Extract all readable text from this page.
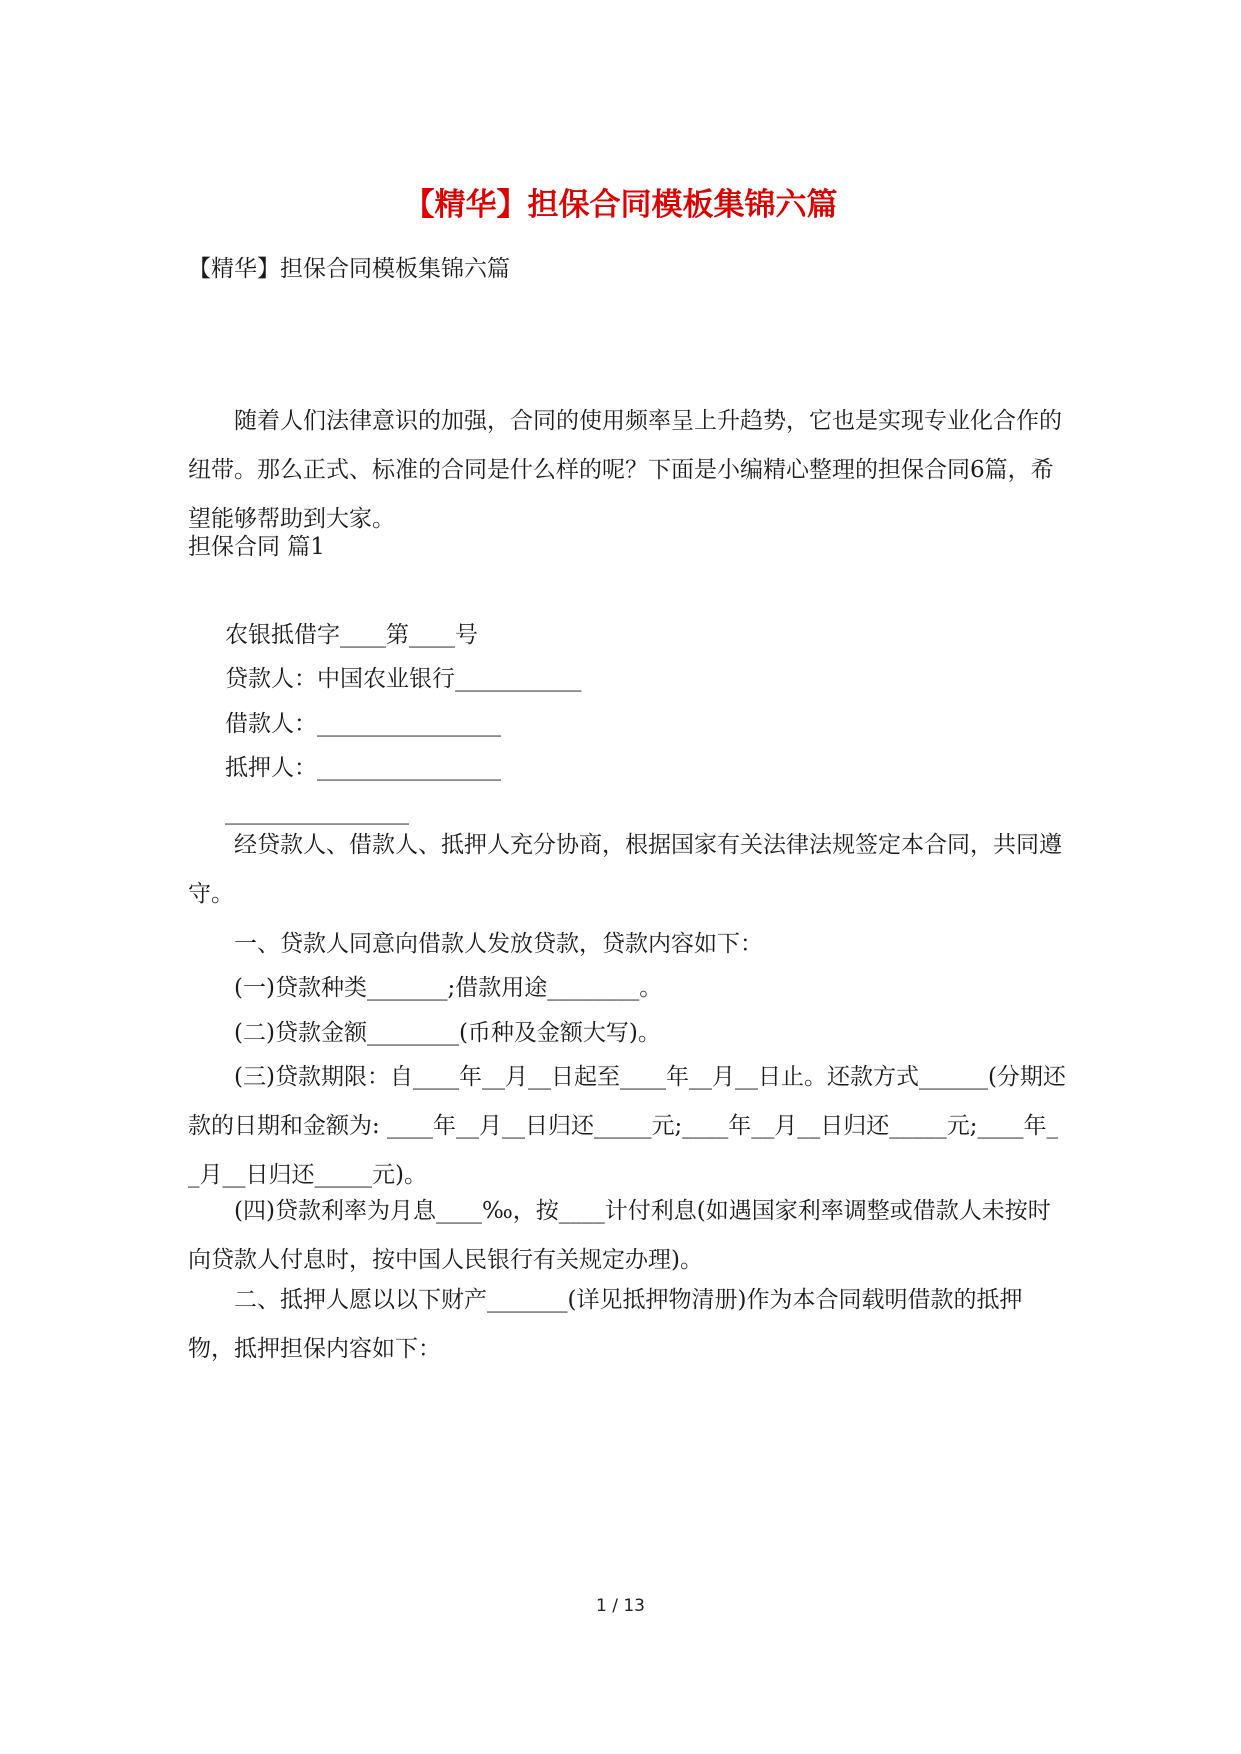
【精华】担保合同模板集锦六篇

【精华】担保合同模板集锦六篇

随着人们法律意识的加强，合同的使用频率呈上升趋势，它也是实现专业化合作的纽带。那么正式、标准的合同是什么样的呢？下面是小编精心整理的担保合同6篇，希望能够帮助到大家。

担保合同 篇1

农银抵借字____第____号

贷款人：中国农业银行___________

借款人：________________

抵押人：________________

________________

经贷款人、借款人、抵押人充分协商，根据国家有关法律法规签定本合同，共同遵守。

一、贷款人同意向借款人发放贷款，贷款内容如下：

(一)贷款种类_______;借款用途________。

(二)贷款金额________(币种及金额大写)。

(三)贷款期限：自____年__月__日起至____年__月__日止。还款方式______(分期还款的日期和金额为: ____年__月__日归还_____元;____年__月__日归还_____元;____年__月__日归还_____元)。

(四)贷款利率为月息____‰，按____计付利息(如遇国家利率调整或借款人未按时向贷款人付息时，按中国人民银行有关规定办理)。

二、抵押人愿以以下财产_______(详见抵押物清册)作为本合同载明借款的抵押物，抵押担保内容如下：

1 / 13
